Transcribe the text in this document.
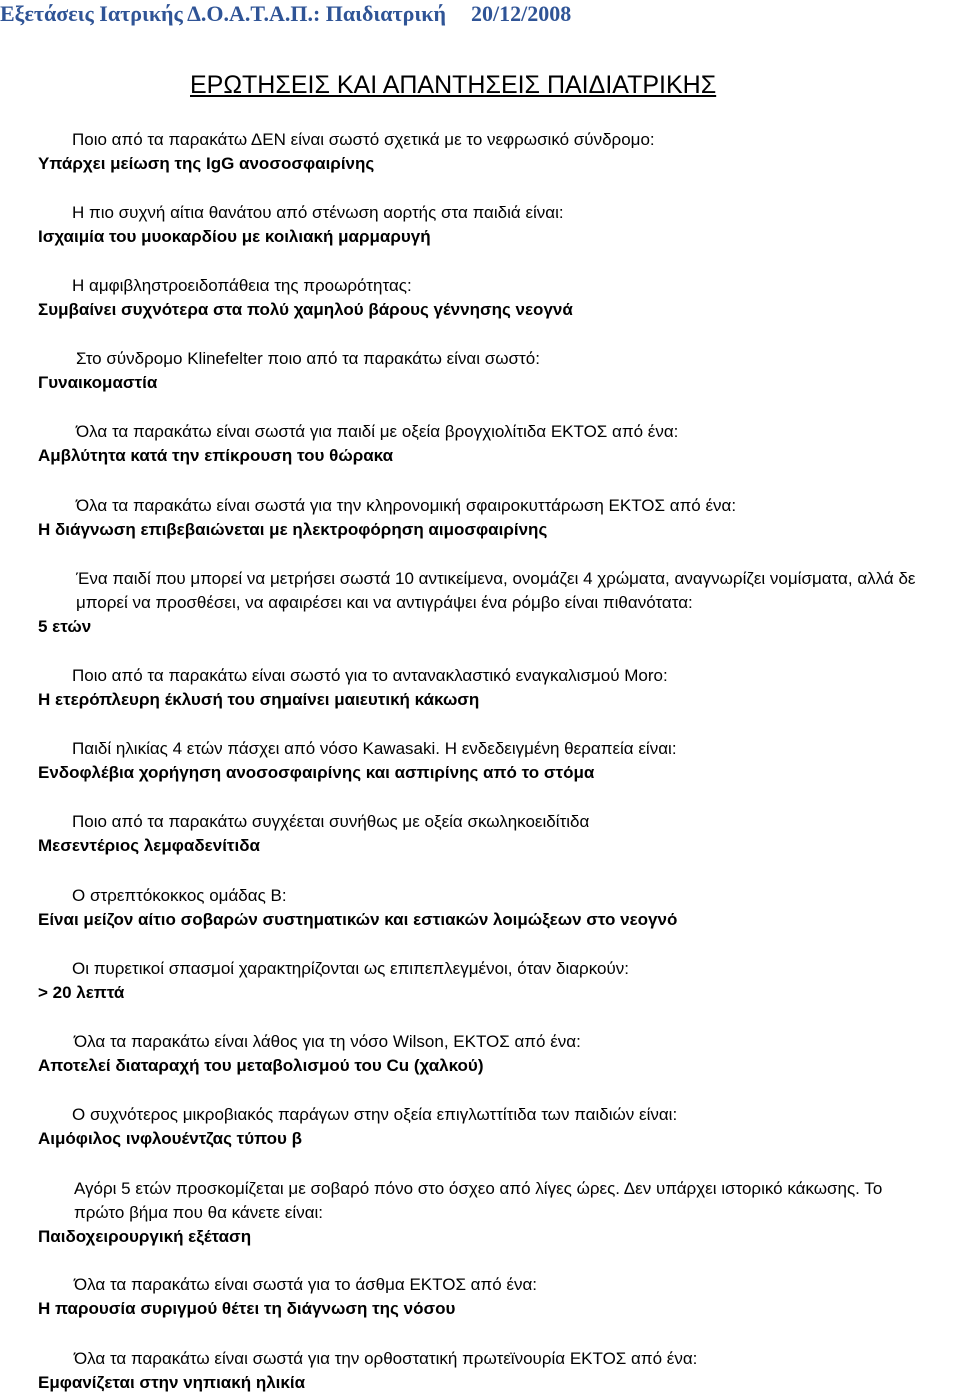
Εξετάσεις Ιατρικής Δ.Ο.Α.Τ.Α.Π.: Παιδιατρική 20/12/2008
ΕΡΩΤΗΣΕΙΣ ΚΑΙ ΑΠΑΝΤΗΣΕΙΣ ΠΑΙΔΙΑΤΡΙΚΗΣ
Ποιο από τα παρακάτω ΔΕΝ είναι σωστό σχετικά με το νεφρωσικό σύνδρομο:
Υπάρχει μείωση της IgG ανοσοσφαιρίνης
Η πιο συχνή αίτια θανάτου από στένωση αορτής στα παιδιά είναι:
Ισχαιμία του μυοκαρδίου με κοιλιακή μαρμαρυγή
Η αμφιβληστροειδοπάθεια της προωρότητας:
Συμβαίνει συχνότερα στα πολύ χαμηλού βάρους γέννησης νεογνά
Στο σύνδρομο Klinefelter ποιο από τα παρακάτω είναι σωστό:
Γυναικομαστία
Όλα τα παρακάτω είναι σωστά για παιδί με οξεία βρογχιολίτιδα ΕΚΤΟΣ από ένα:
Αμβλύτητα κατά την επίκρουση του θώρακα
Όλα τα παρακάτω είναι σωστά για την κληρονομική σφαιροκυττάρωση ΕΚΤΟΣ από ένα:
Η διάγνωση επιβεβαιώνεται με ηλεκτροφόρηση αιμοσφαιρίνης
Ένα παιδί που μπορεί να μετρήσει σωστά 10 αντικείμενα, ονομάζει 4 χρώματα, αναγνωρίζει νομίσματα, αλλά δε
μπορεί να προσθέσει, να αφαιρέσει και να αντιγράψει ένα ρόμβο είναι πιθανότατα:
5 ετών
Ποιο από τα παρακάτω είναι σωστό για το αντανακλαστικό εναγκαλισμού Moro:
Η ετερόπλευρη έκλυσή του σημαίνει μαιευτική κάκωση
Παιδί ηλικίας 4 ετών πάσχει από νόσο Kawasaki. Η ενδεδειγμένη θεραπεία είναι:
Ενδοφλέβια χορήγηση ανοσοσφαιρίνης και ασπιρίνης από το στόμα
Ποιο από τα παρακάτω συγχέεται συνήθως με οξεία σκωληκοειδίτιδα
Μεσεντέριος λεμφαδενίτιδα
Ο στρεπτόκοκκος ομάδας Β:
Είναι μείζον αίτιο σοβαρών συστηματικών και εστιακών λοιμώξεων στο νεογνό
Οι πυρετικοί σπασμοί χαρακτηρίζονται ως επιπεπλεγμένοι, όταν διαρκούν:
> 20 λεπτά
Όλα τα παρακάτω είναι λάθος για τη νόσο Wilson, ΕΚΤΟΣ από ένα:
Αποτελεί διαταραχή του μεταβολισμού του Cu (χαλκού)
Ο συχνότερος μικροβιακός παράγων στην οξεία επιγλωττίτιδα των παιδιών είναι:
Αιμόφιλος ινφλουέντζας τύπου β
Αγόρι 5 ετών προσκομίζεται με σοβαρό πόνο στο όσχεο από λίγες ώρες. Δεν υπάρχει ιστορικό κάκωσης. Το
πρώτο βήμα που θα κάνετε είναι:
Παιδοχειρουργική εξέταση
Όλα τα παρακάτω είναι σωστά για το άσθμα ΕΚΤΟΣ από ένα:
Η παρουσία συριγμού θέτει τη διάγνωση της νόσου
Όλα τα παρακάτω είναι σωστά για την ορθοστατική πρωτεϊνουρία ΕΚΤΟΣ από ένα:
Εμφανίζεται στην νηπιακή ηλικία
